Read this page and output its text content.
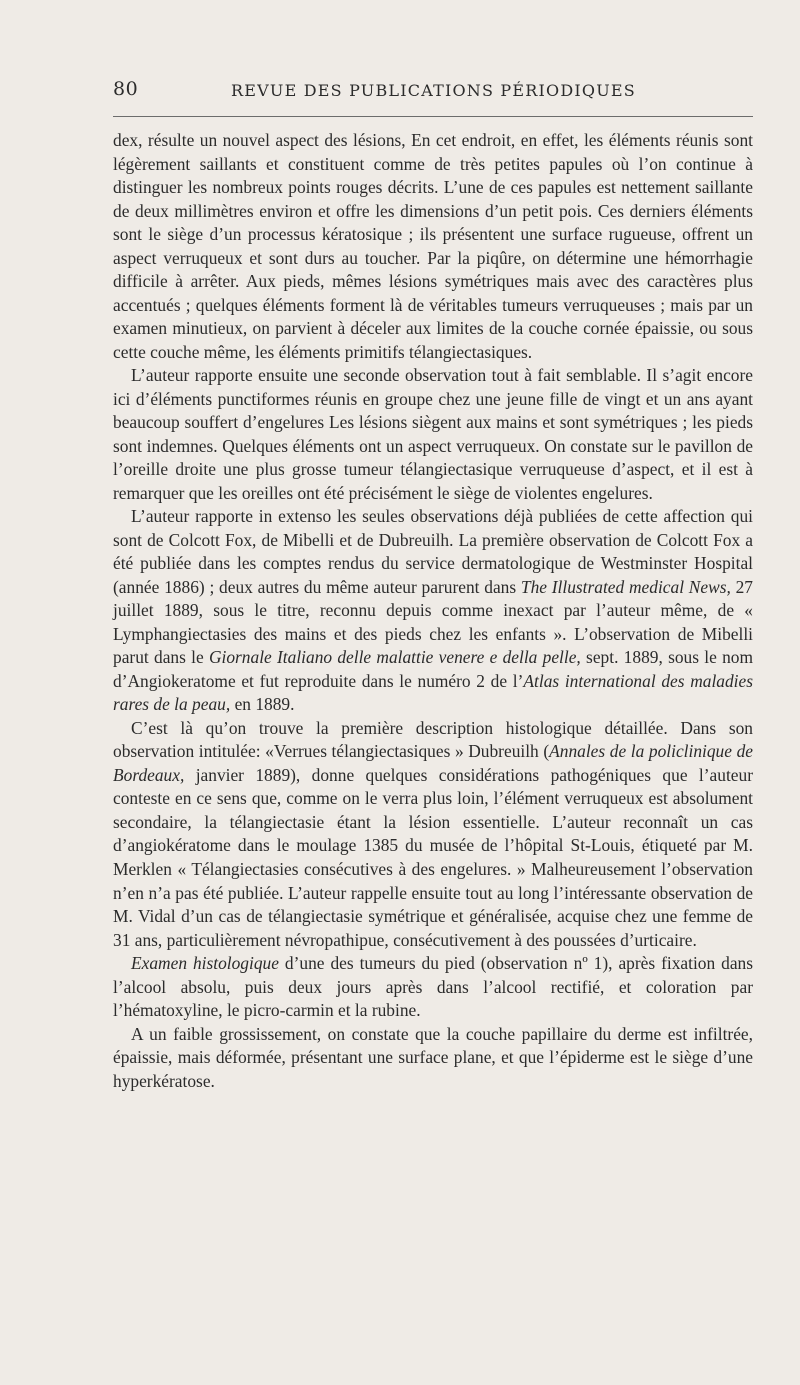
80	REVUE DES PUBLICATIONS PÉRIODIQUES

dex, résulte un nouvel aspect des lésions, En cet endroit, en effet, les éléments réunis sont légèrement saillants et constituent comme de très petites papules où l’on continue à distinguer les nombreux points rouges décrits. L’une de ces papules est nettement saillante de deux millimètres environ et offre les dimensions d’un petit pois. Ces derniers éléments sont le siège d’un processus kératosique ; ils présentent une surface rugueuse, offrent un aspect verruqueux et sont durs au toucher. Par la piqûre, on détermine une hémorrhagie difficile à arrêter. Aux pieds, mêmes lésions symétriques mais avec des caractères plus accentués ; quelques éléments forment là de véritables tumeurs verruqueuses ; mais par un examen minutieux, on parvient à déceler aux limites de la couche cornée épaissie, ou sous cette couche même, les éléments primitifs télangiectasiques.

L’auteur rapporte ensuite une seconde observation tout à fait semblable. Il s’agit encore ici d’éléments punctiformes réunis en groupe chez une jeune fille de vingt et un ans ayant beaucoup souffert d’engelures Les lésions siègent aux mains et sont symétriques ; les pieds sont indemnes. Quelques éléments ont un aspect verruqueux. On constate sur le pavillon de l’oreille droite une plus grosse tumeur télangiectasique verruqueuse d’aspect, et il est à remarquer que les oreilles ont été précisément le siège de violentes engelures.

L’auteur rapporte in extenso les seules observations déjà publiées de cette affection qui sont de Colcott Fox, de Mibelli et de Dubreuilh. La première observation de Colcott Fox a été publiée dans les comptes rendus du service dermatologique de Westminster Hospital (année 1886) ; deux autres du même auteur parurent dans The Illustrated medical News, 27 juillet 1889, sous le titre, reconnu depuis comme inexact par l’auteur même, de « Lymphangiectasies des mains et des pieds chez les enfants ». L’observation de Mibelli parut dans le Giornale Italiano delle malattie venere e della pelle, sept. 1889, sous le nom d’Angiokeratome et fut reproduite dans le numéro 2 de l’Atlas international des maladies rares de la peau, en 1889.

C’est là qu’on trouve la première description histologique détaillée. Dans son observation intitulée: «Verrues télangiectasiques » Dubreuilh (Annales de la policlinique de Bordeaux, janvier 1889), donne quelques considérations pathogéniques que l’auteur conteste en ce sens que, comme on le verra plus loin, l’élément verruqueux est absolument secondaire, la télangiectasie étant la lésion essentielle. L’auteur reconnaît un cas d’angiokératome dans le moulage 1385 du musée de l’hôpital St-Louis, étiqueté par M. Merklen « Télangiectasies consécutives à des engelures. » Malheureusement l’observation n’en n’a pas été publiée. L’auteur rappelle ensuite tout au long l’intéressante observation de M. Vidal d’un cas de télangiectasie symétrique et généralisée, acquise chez une femme de 31 ans, particulièrement névropathipue, consécutivement à des poussées d’urticaire.

Examen histologique d’une des tumeurs du pied (observation nº 1), après fixation dans l’alcool absolu, puis deux jours après dans l’alcool rectifié, et coloration par l’hématoxyline, le picro-carmin et la rubine.

A un faible grossissement, on constate que la couche papillaire du derme est infiltrée, épaissie, mais déformée, présentant une surface plane, et que l’épiderme est le siège d’une hyperkératose.
